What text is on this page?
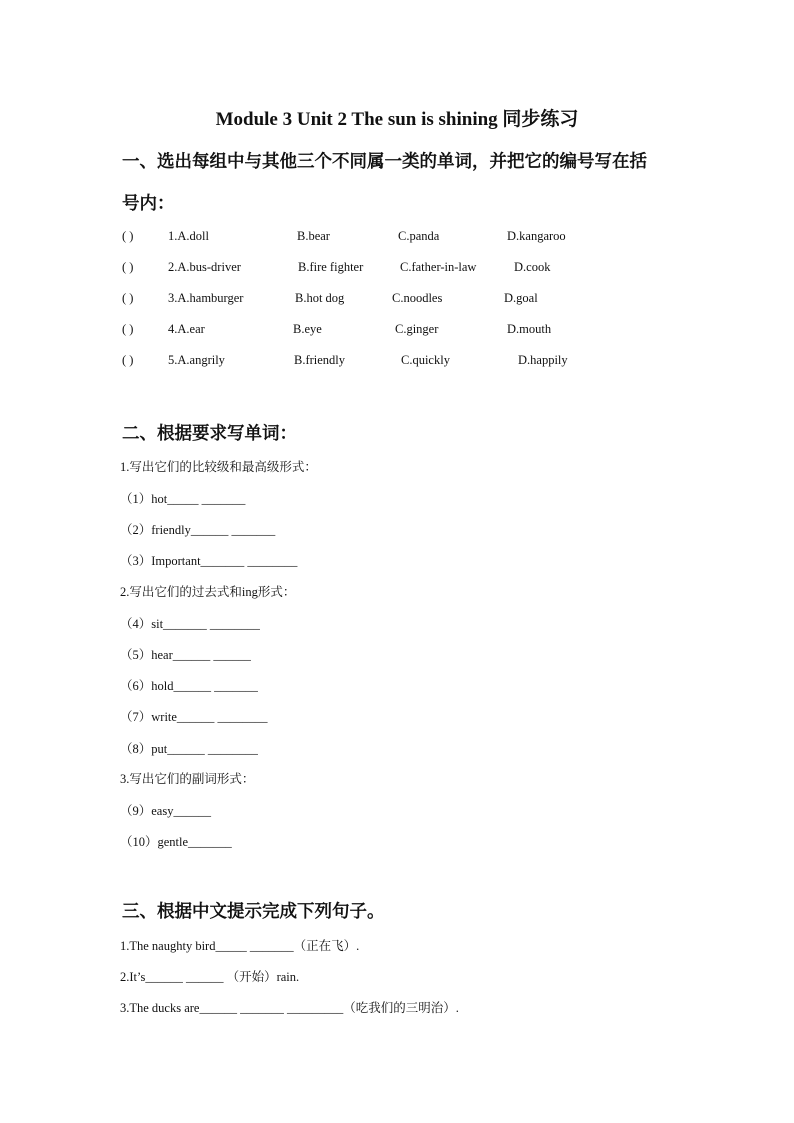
Module 3 Unit 2 The sun is shining 同步练习
一、选出每组中与其他三个不同属一类的单词，并把它的编号写在括
号内：
( )	1.A.doll	B.bear	C.panda	D.kangaroo
( )	2.A.bus-driver	B.fire fighter	C.father-in-law	D.cook
( )	3.A.hamburger	B.hot dog	C.noodles	D.goal
( )	4.A.ear	B.eye	C.ginger	D.mouth
( )	5.A.angrily	B.friendly	C.quickly	D.happily
二、根据要求写单词：
1.写出它们的比较级和最高级形式：
（1）hot_____ _______
（2）friendly______ _______
（3）Important_______ ________
2.写出它们的过去式和ing形式：
（4）sit_______ ________
（5）hear______ ______
（6）hold______ _______
（7）write______ ________
（8）put______ ________
3.写出它们的副词形式：
（9）easy______
（10）gentle_______
三、根据中文提示完成下列句子。
1.The naughty bird_____ _______（正在飞）.
2.It’s______ ______ （开始）rain.
3.The ducks are______ _______ _________（吃我们的三明治）.
